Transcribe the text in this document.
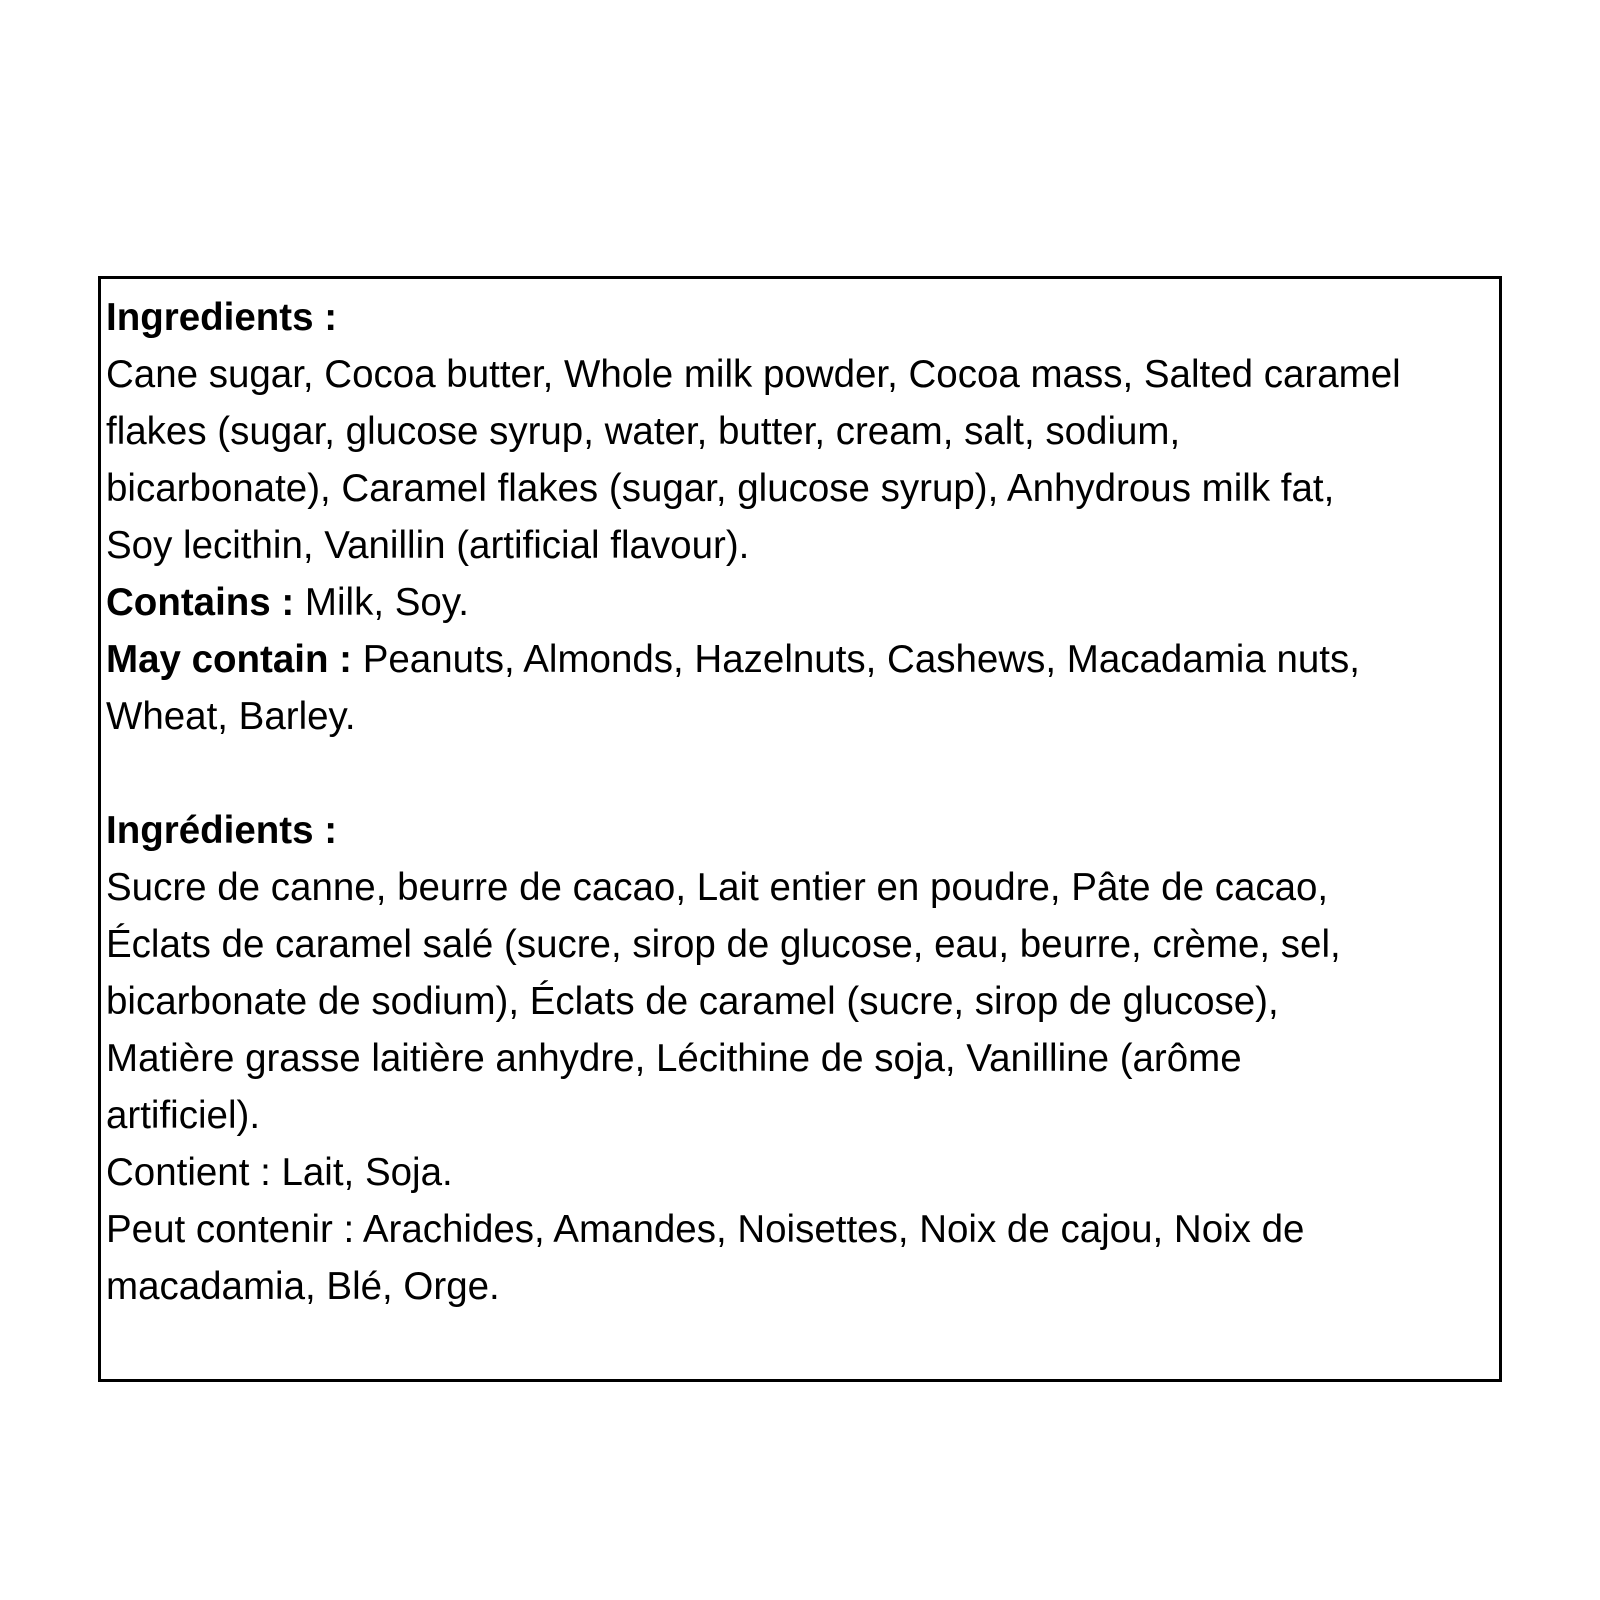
Ingredients :

Cane sugar, Cocoa butter, Whole milk powder, Cocoa mass, Salted caramel

flakes (sugar, glucose syrup, water, butter, cream, salt, sodium,

bicarbonate), Caramel flakes (sugar, glucose syrup), Anhydrous milk fat,

Soy lecithin, Vanillin (artificial flavour).

Contains : Milk, Soy.

May contain : Peanuts, Almonds, Hazelnuts, Cashews, Macadamia nuts,

Wheat, Barley.

Ingrédients :

Sucre de canne, beurre de cacao, Lait entier en poudre, Pâte de cacao,

Éclats de caramel salé (sucre, sirop de glucose, eau, beurre, crème, sel,

bicarbonate de sodium), Éclats de caramel (sucre, sirop de glucose),

Matière grasse laitière anhydre, Lécithine de soja, Vanilline (arôme

artificiel).

Contient : Lait, Soja.

Peut contenir : Arachides, Amandes, Noisettes, Noix de cajou, Noix de

macadamia, Blé, Orge.
